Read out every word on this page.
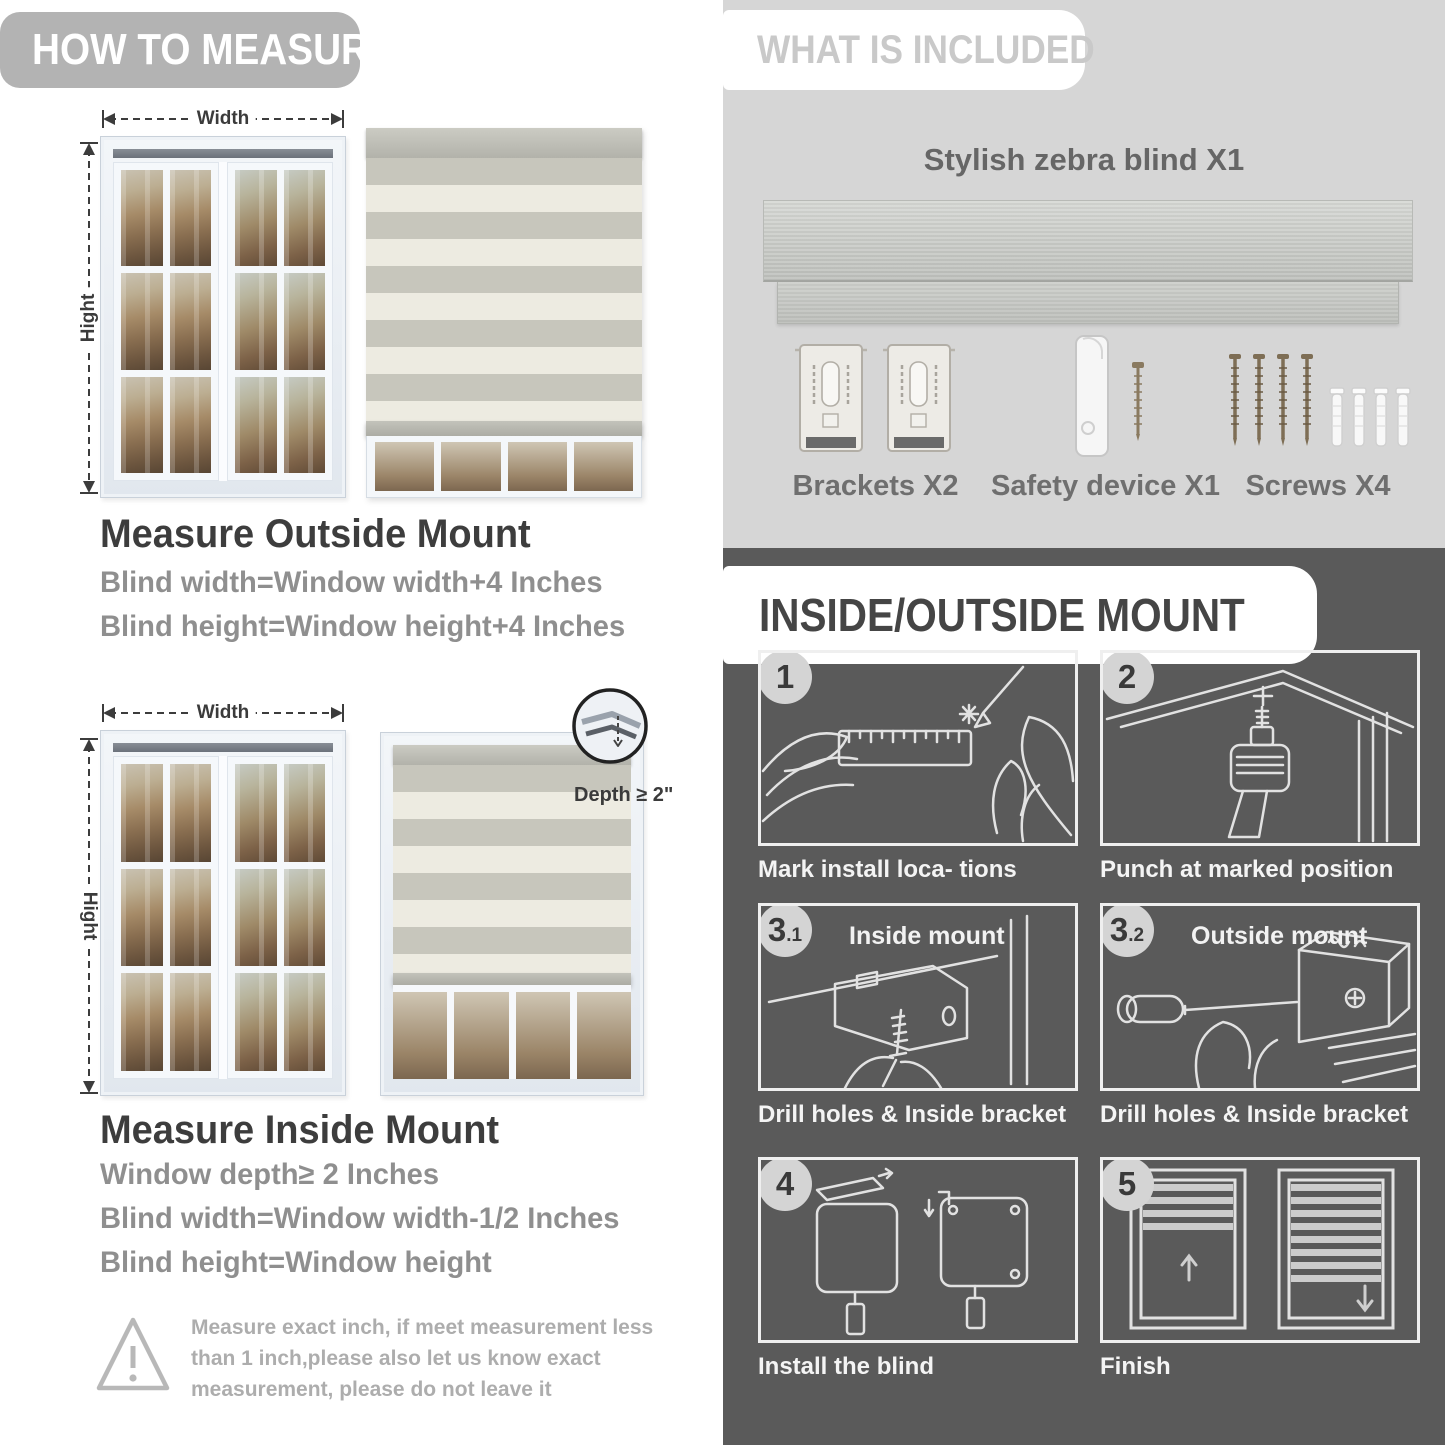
HOW TO MEASURE
Width
Hight
Measure Outside Mount

Blind width=Window width+4 Inches

Blind height=Window height+4 Inches

Width
Hight
Depth ≥ 2"
Measure Inside Mount

Window depth≥ 2 Inches

Blind width=Window width-1/2 Inches

Blind height=Window height

Measure exact inch, if meet measurement less
than 1 inch,please also let us know exact
measurement, please do not leave it
WHAT IS INCLUDED
Stylish zebra blind X1
Brackets X2 Safety device X1 Screws X4
INSIDE/OUTSIDE MOUNT
1
Mark install loca- tions
2
Punch at marked position
3 .1 Inside mount
Drill holes & Inside bracket
3 .2 Outside mount
Drill holes & Inside bracket
4
Install the blind
5
Finish
